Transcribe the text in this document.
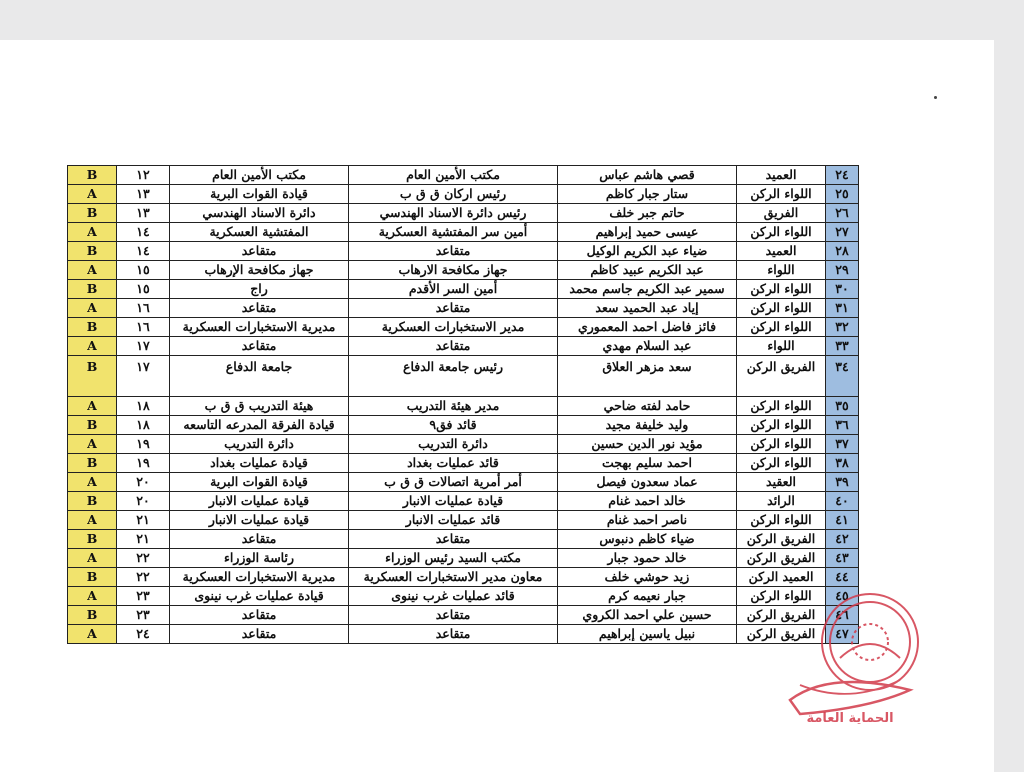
B	١٢	مكتب الأمين العام	مكتب الأمين العام	قصي هاشم عباس	العميد	٢٤
A	١٣	قيادة القوات البرية	رئيس اركان ق ق ب	ستار جبار كاظم	اللواء الركن	٢٥
B	١٣	دائرة الاسناد الهندسي	رئيس دائرة الاسناد الهندسي	حاتم جبر خلف	الفريق	٢٦
A	١٤	المفتشية العسكرية	أمين سر المفتشية العسكرية	عيسى حميد إبراهيم	اللواء الركن	٢٧
B	١٤	متقاعد	متقاعد	ضياء عبد الكريم الوكيل	العميد	٢٨
A	١٥	جهاز مكافحة الإرهاب	جهاز مكافحة الارهاب	عبد الكريم عبيد كاظم	اللواء	٢٩
B	١٥	راج	أمين السر الأقدم	سمير عبد الكريم جاسم محمد	اللواء الركن	٣٠
A	١٦	متقاعد	متقاعد	إياد عبد الحميد سعد	اللواء الركن	٣١
B	١٦	مديرية الاستخبارات العسكرية	مدير الاستخبارات العسكرية	فائز فاضل احمد المعموري	اللواء الركن	٣٢
A	١٧	متقاعد	متقاعد	عبد السلام مهدي	اللواء	٣٣
B	١٧	جامعة الدفاع	رئيس جامعة الدفاع	سعد مزهر العلاق	الفريق الركن	٣٤
A	١٨	هيئة التدريب ق ق ب	مدير هيئة التدريب	حامد لفته ضاحي	اللواء الركن	٣٥
B	١٨	قيادة الفرقة المدرعه التاسعه	قائد فق٩	وليد خليفة مجيد	اللواء الركن	٣٦
A	١٩	دائرة التدريب	دائرة التدريب	مؤيد نور الدين حسين	اللواء الركن	٣٧
B	١٩	قيادة عمليات بغداد	قائد عمليات بغداد	احمد سليم بهجت	اللواء الركن	٣٨
A	٢٠	قيادة القوات البرية	أمر أمرية اتصالات ق ق ب	عماد سعدون فيصل	العقيد	٣٩
B	٢٠	قيادة عمليات الانبار	قيادة عمليات الانبار	خالد احمد غنام	الرائد	٤٠
A	٢١	قيادة عمليات الانبار	قائد عمليات الانبار	ناصر احمد غنام	اللواء الركن	٤١
B	٢١	متقاعد	متقاعد	ضياء كاظم دنبوس	الفريق الركن	٤٢
A	٢٢	رئاسة الوزراء	مكتب السيد رئيس الوزراء	خالد حمود جبار	الفريق الركن	٤٣
B	٢٢	مديرية الاستخبارات العسكرية	معاون مدير الاستخبارات العسكرية	زيد حوشي خلف	العميد الركن	٤٤
A	٢٣	قيادة عمليات غرب نينوى	قائد عمليات غرب نينوى	جبار نعيمه كرم	اللواء الركن	٤٥
B	٢٣	متقاعد	متقاعد	حسين علي احمد الكروي	الفريق الركن	٤٦
A	٢٤	متقاعد	متقاعد	نبيل ياسين إبراهيم	الفريق الركن	٤٧
الحماية العامة
